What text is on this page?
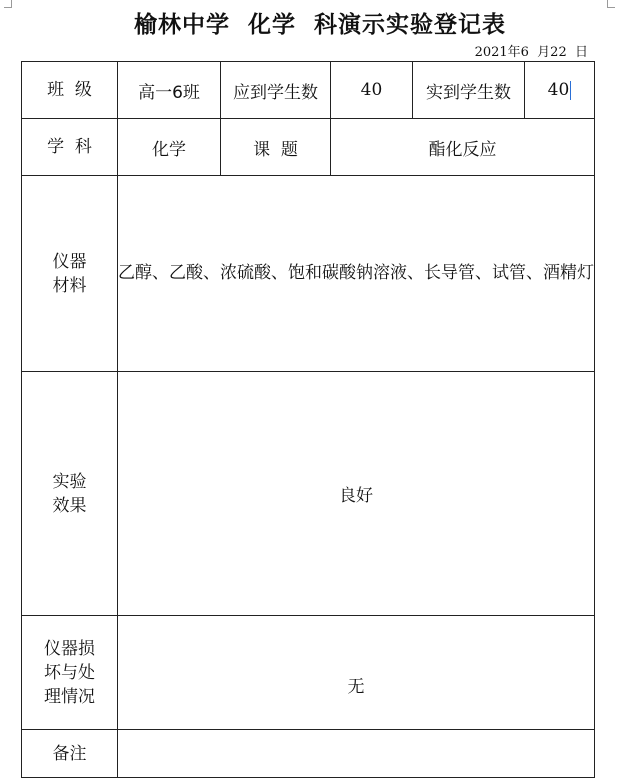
榆林中学  化学  科演示实验登记表
2021年6  月22  日
班  级	高一6班	应到学生数	40	实到学生数	40
学  科	化学	课  题	酯化反应		

仪器
材料	乙醇、乙酸、浓硫酸、饱和碳酸钠溶液、长导管、试管、酒精灯				

实验
效果	良好				

仪器损
坏与处
理情况	无				

备注					
